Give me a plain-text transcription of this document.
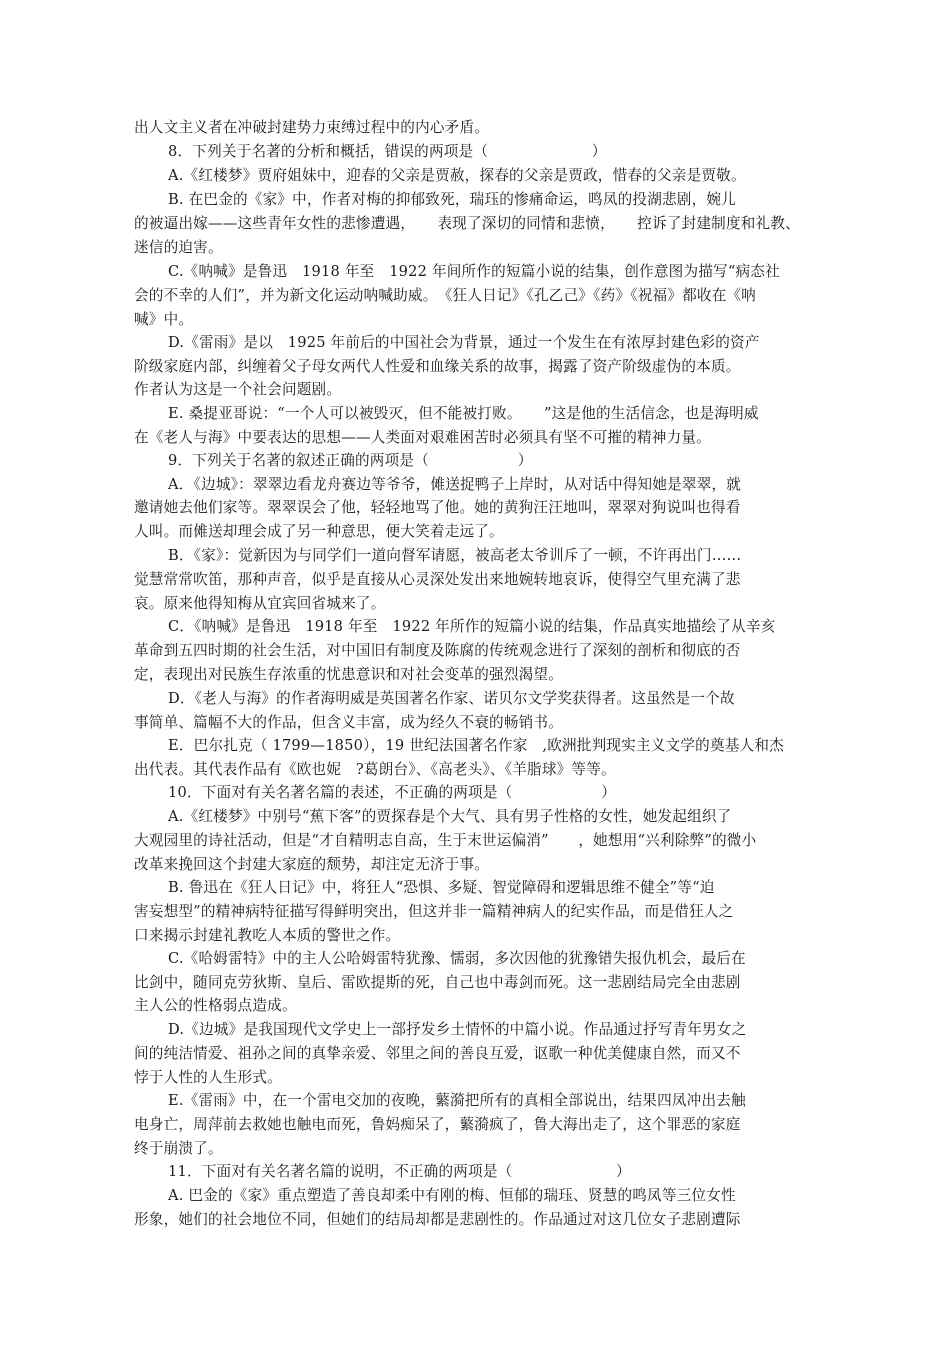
出人文主义者在冲破封建势力束缚过程中的内心矛盾。
8．下列关于名著的分析和概括，错误的两项是（　　　　　　　）
A.《红楼梦》贾府姐妹中，迎春的父亲是贾赦，探春的父亲是贾政，惜春的父亲是贾敬。
B. 在巴金的《家》中，作者对梅的抑郁致死，瑞珏的惨痛命运，鸣凤的投湖悲剧，婉儿
的被逼出嫁——这些青年女性的悲惨遭遇，　　表现了深切的同情和悲愤，　　控诉了封建制度和礼教、
迷信的迫害。
C.《呐喊》是鲁迅　1918 年至　1922 年间所作的短篇小说的结集，创作意图为描写“病态社
会的不幸的人们”，并为新文化运动呐喊助威。　《狂人日记》《孔乙己》《药》《祝福》都收在《呐
喊》中。
D.《雷雨》是以　1925 年前后的中国社会为背景，通过一个发生在有浓厚封建色彩的资产
阶级家庭内部，纠缠着父子母女两代人性爱和血缘关系的故事，揭露了资产阶级虚伪的本质。
作者认为这是一个社会问题剧。
E. 桑提亚哥说：“一个人可以被毁灭，但不能被打败。　　”这是他的生活信念，也是海明威
在《老人与海》中要表达的思想——人类面对艰难困苦时必须具有坚不可摧的精神力量。
9．下列关于名著的叙述正确的两项是（　　　　　　）
A．《边城》：翠翠边看龙舟赛边等爷爷，傩送捉鸭子上岸时，从对话中得知她是翠翠，就
邀请她去他们家等。翠翠误会了他，轻轻地骂了他。她的黄狗汪汪地叫，翠翠对狗说叫也得看
人叫。而傩送却理会成了另一种意思，便大笑着走远了。
B．《家》：觉新因为与同学们一道向督军请愿，被高老太爷训斥了一顿，不许再出门……
觉慧常常吹笛，那种声音，似乎是直接从心灵深处发出来地婉转地哀诉，使得空气里充满了悲
哀。原来他得知梅从宜宾回省城来了。
C．《呐喊》是鲁迅　1918 年至　1922 年所作的短篇小说的结集，作品真实地描绘了从辛亥
革命到五四时期的社会生活，对中国旧有制度及陈腐的传统观念进行了深刻的剖析和彻底的否
定，表现出对民族生存浓重的忧患意识和对社会变革的强烈渴望。
D．《老人与海》的作者海明威是英国著名作家、诺贝尔文学奖获得者。这虽然是一个故
事简单、篇幅不大的作品，但含义丰富，成为经久不衰的畅销书。
E．巴尔扎克（ 1799—1850），19 世纪法国著名作家　,欧洲批判现实主义文学的奠基人和杰
出代表。其代表作品有《欧也妮　?葛朗台》、《高老头》、《羊脂球》等等。
10．下面对有关名著名篇的表述，不正确的两项是（　　　　　　）
A.《红楼梦》中别号“蕉下客”的贾探春是个大气、具有男子性格的女性，她发起组织了
大观园里的诗社活动，但是“才自精明志自高，生于末世运偏消”　　，她想用“兴利除弊”的微小
改革来挽回这个封建大家庭的颓势，却注定无济于事。
B. 鲁迅在《狂人日记》中，将狂人“恐惧、多疑、智觉障碍和逻辑思维不健全”等“迫
害妄想型”的精神病特征描写得鲜明突出，但这并非一篇精神病人的纪实作品，而是借狂人之
口来揭示封建礼教吃人本质的警世之作。
C.《哈姆雷特》中的主人公哈姆雷特犹豫、懦弱，多次因他的犹豫错失报仇机会，最后在
比剑中，随同克劳狄斯、皇后、雷欧提斯的死，自己也中毒剑而死。这一悲剧结局完全由悲剧
主人公的性格弱点造成。
D.《边城》是我国现代文学史上一部抒发乡土情怀的中篇小说。作品通过抒写青年男女之
间的纯洁情爱、祖孙之间的真挚亲爱、邻里之间的善良互爱，讴歌一种优美健康自然，而又不
悖于人性的人生形式。
E.《雷雨》中，在一个雷电交加的夜晚，蘩漪把所有的真相全部说出，结果四凤冲出去触
电身亡，周萍前去救她也触电而死，鲁妈痴呆了，蘩漪疯了，鲁大海出走了，这个罪恶的家庭
终于崩溃了。
11．下面对有关名著名篇的说明，不正确的两项是（　　　　　　　）
A. 巴金的《家》重点塑造了善良却柔中有刚的梅、恒郁的瑞珏、贤慧的鸣凤等三位女性
形象，她们的社会地位不同，但她们的结局却都是悲剧性的。作品通过对这几位女子悲剧遭际
